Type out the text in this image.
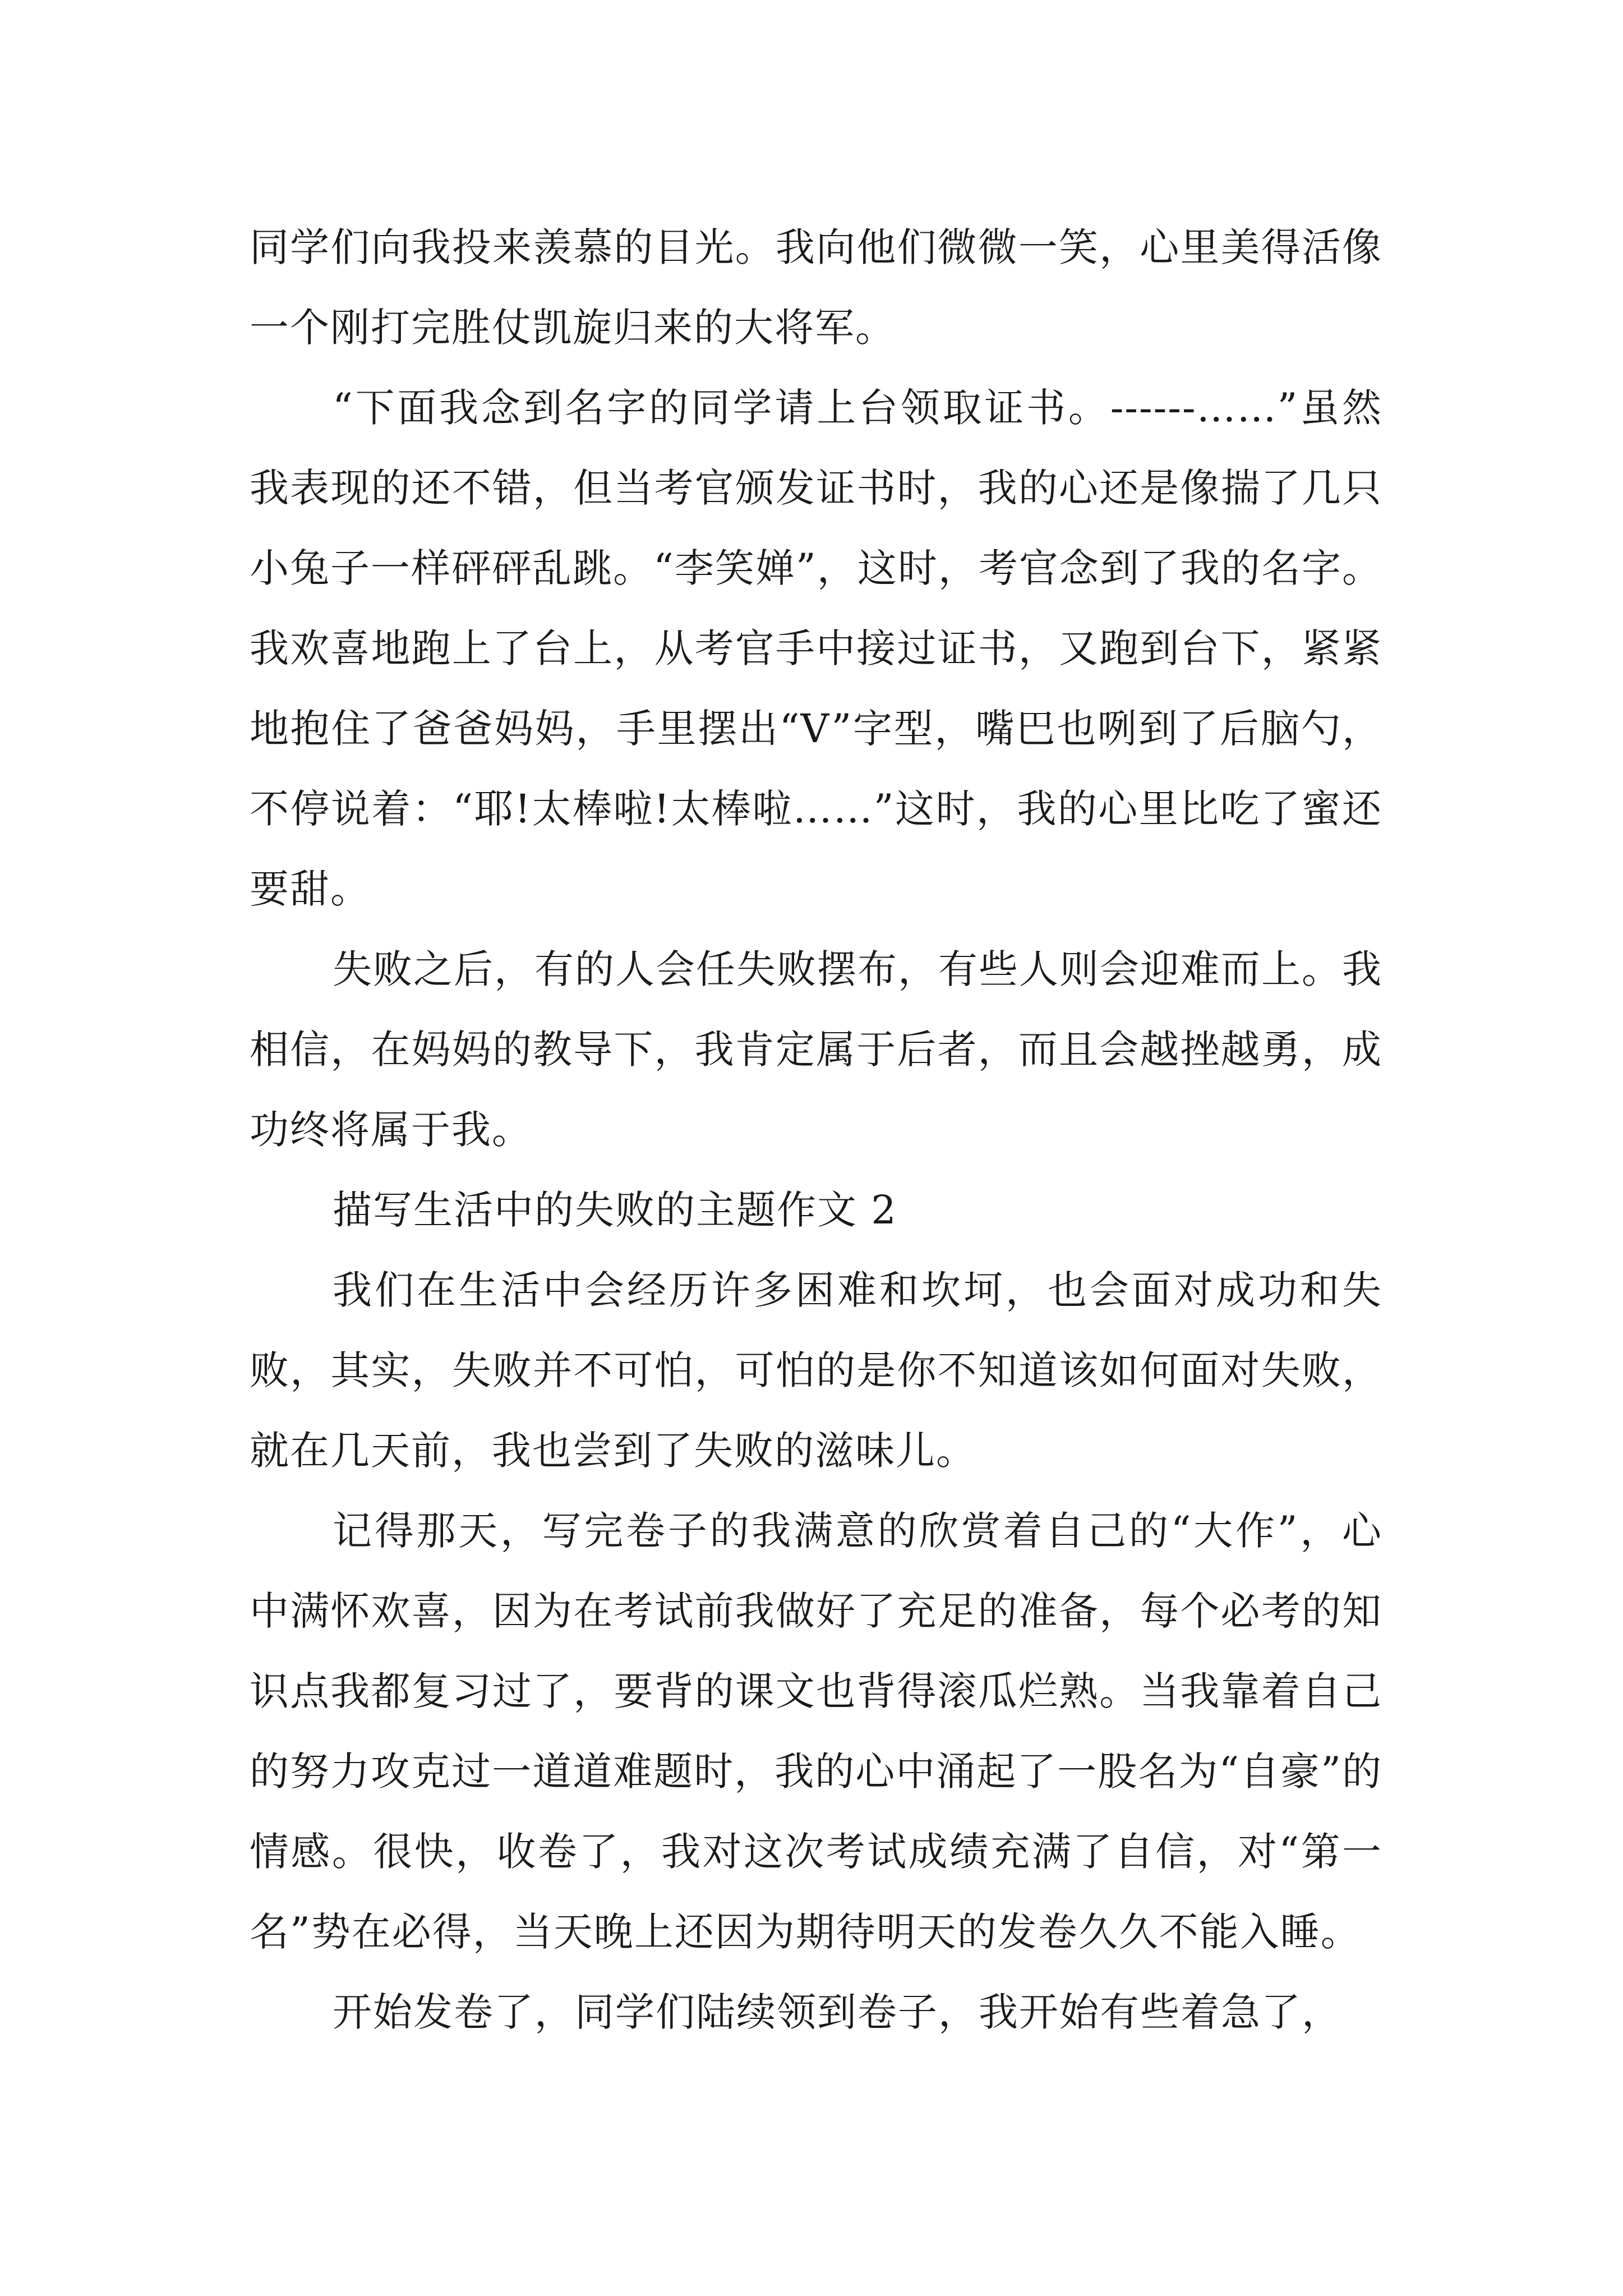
同学们向我投来羡慕的目光。我向他们微微一笑，心里美得活像一个刚打完胜仗凯旋归来的大将军。

“下面我念到名字的同学请上台领取证书。------……”虽然我表现的还不错，但当考官颁发证书时，我的心还是像揣了几只小兔子一样砰砰乱跳。“李笑婵”，这时，考官念到了我的名字。我欢喜地跑上了台上，从考官手中接过证书，又跑到台下，紧紧地抱住了爸爸妈妈，手里摆出“V”字型，嘴巴也咧到了后脑勺，不停说着：“耶!太棒啦!太棒啦……”这时，我的心里比吃了蜜还要甜。

失败之后，有的人会任失败摆布，有些人则会迎难而上。我相信，在妈妈的教导下，我肯定属于后者，而且会越挫越勇，成功终将属于我。

描写生活中的失败的主题作文 2

我们在生活中会经历许多困难和坎坷，也会面对成功和失败，其实，失败并不可怕，可怕的是你不知道该如何面对失败，就在几天前，我也尝到了失败的滋味儿。

记得那天，写完卷子的我满意的欣赏着自己的“大作”，心中满怀欢喜，因为在考试前我做好了充足的准备，每个必考的知识点我都复习过了，要背的课文也背得滚瓜烂熟。当我靠着自己的努力攻克过一道道难题时，我的心中涌起了一股名为“自豪”的情感。很快，收卷了，我对这次考试成绩充满了自信，对“第一名”势在必得，当天晚上还因为期待明天的发卷久久不能入睡。

开始发卷了，同学们陆续领到卷子，我开始有些着急了，
